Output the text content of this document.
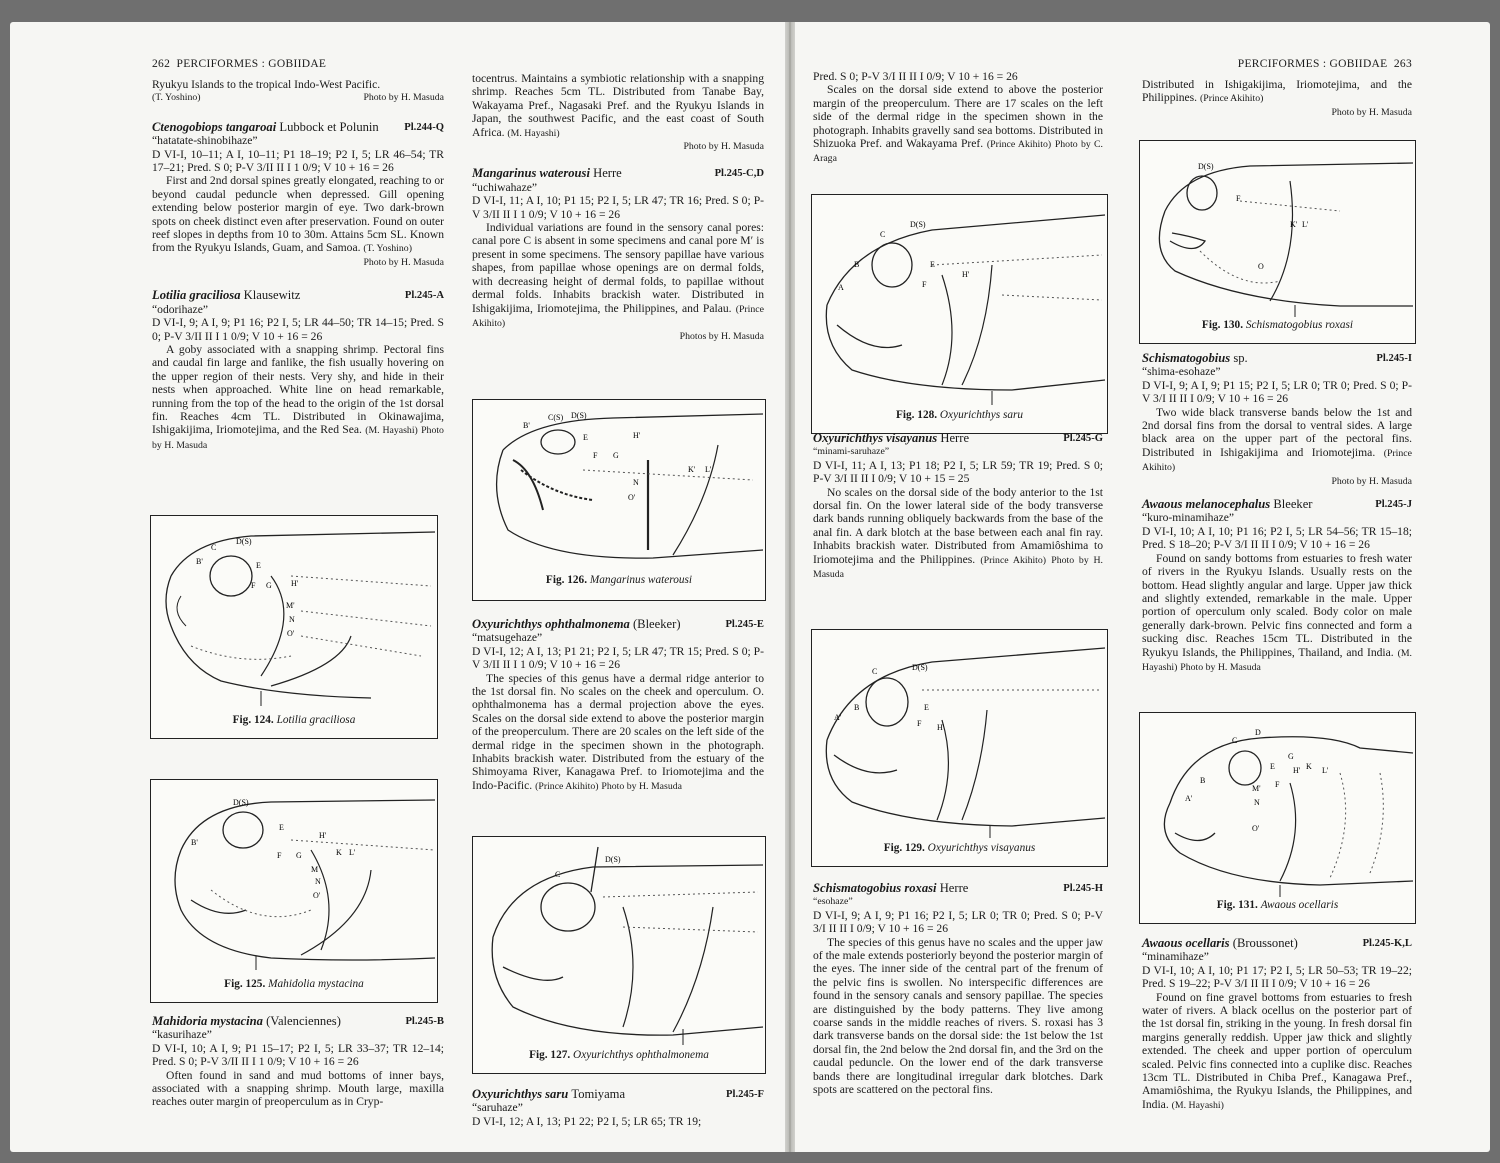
262 PERCIFORMES : GOBIIDAE

Ryukyu Islands to the tropical Indo-West Pacific.

(T. Yoshino)	Photo by H. Masuda

Ctenogobiops tangaroai Lubbock et Polunin Pl.244-Q

“hatatate-shinobihaze”

D VI-I, 10–11; A I, 10–11; P1 18–19; P2 I, 5; LR 46–54; TR 17–21; Pred. S 0; P-V 3/II II I 1 0/9; V 10 + 16 = 26

First and 2nd dorsal spines greatly elongated, reaching to or beyond caudal peduncle when depressed. Gill opening extending below posterior margin of eye. Two dark-brown spots on cheek distinct even after preservation. Found on outer reef slopes in depths from 10 to 30m. Attains 5cm SL. Known from the Ryukyu Islands, Guam, and Samoa. (T. Yoshino)

Photo by H. Masuda

Lotilia graciliosa Klausewitz	Pl.245-A

“odorihaze”

D VI-I, 9; A I, 9; P1 16; P2 I, 5; LR 44–50; TR 14–15; Pred. S 0; P-V 3/II II I 1 0/9; V 10 + 16 = 26

A goby associated with a snapping shrimp. Pectoral fins and caudal fin large and fanlike, the fish usually hovering on the upper region of their nests. Very shy, and hide in their nests when approached. White line on head remarkable, running from the top of the head to the origin of the 1st dorsal fin. Reaches 4cm TL. Distributed in Okinawajima, Ishigakijima, Iriomotejima, and the Red Sea. (M. Hayashi) Photo by H. Masuda

B'
C
D(S)
E
F G H'
M'
N
O'
Fig. 124. Lotilia graciliosa
D(S)
B'
E
F G
H'
K L'
M
N
O'
Fig. 125. Mahidolia mystacina
Mahidoria mystacina (Valenciennes)	Pl.245-B

“kasurihaze”

D VI-I, 10; A I, 9; P1 15–17; P2 I, 5; LR 33–37; TR 12–14; Pred. S 0; P-V 3/II II I 1 0/9; V 10 + 16 = 26

Often found in sand and mud bottoms of inner bays, associated with a snapping shrimp. Mouth large, maxilla reaches outer margin of preoperculum as in Cryp-

tocentrus. Maintains a symbiotic relationship with a snapping shrimp. Reaches 5cm TL. Distributed from Tanabe Bay, Wakayama Pref., Nagasaki Pref. and the Ryukyu Islands in Japan, the southwest Pacific, and the east coast of South Africa. (M. Hayashi)

Photo by H. Masuda

Mangarinus waterousi Herre	Pl.245-C,D

“uchiwahaze”

D VI-I, 11; A I, 10; P1 15; P2 I, 5; LR 47; TR 16; Pred. S 0; P-V 3/II II I 1 0/9; V 10 + 16 = 26

Individual variations are found in the sensory canal pores: canal pore C is absent in some specimens and canal pore M′ is present in some specimens. The sensory papillae have various shapes, from papillae whose openings are on dermal folds, with decreasing height of dermal folds, to papillae without dermal folds. Inhabits brackish water. Distributed in Ishigakijima, Iriomotejima, the Philippines, and Palau. (Prince Akihito)

Photos by H. Masuda

B'
C(S) D(S)
E
F G
H'
K' L'
N
O'
Fig. 126. Mangarinus waterousi
Oxyurichthys ophthalmonema (Bleeker)	Pl.245-E

“matsugehaze”

D VI-I, 12; A I, 13; P1 21; P2 I, 5; LR 47; TR 15; Pred. S 0; P-V 3/II II I 1 0/9; V 10 + 16 = 26

The species of this genus have a dermal ridge anterior to the 1st dorsal fin. No scales on the cheek and operculum. O. ophthalmonema has a dermal projection above the eyes. Scales on the dorsal side extend to above the posterior margin of the preoperculum. There are 20 scales on the left side of the dermal ridge in the specimen shown in the photograph. Inhabits brackish water. Distributed from the estuary of the Shimoyama River, Kanagawa Pref. to Iriomotejima and the Indo-Pacific. (Prince Akihito) Photo by H. Masuda

C
D(S)
Fig. 127. Oxyurichthys ophthalmonema
Oxyurichthys saru Tomiyama	Pl.245-F

“saruhaze”

D VI-I, 12; A I, 13; P1 22; P2 I, 5; LR 65; TR 19;

PERCIFORMES : GOBIIDAE 263

Pred. S 0; P-V 3/I II II I 0/9; V 10 + 16 = 26

Scales on the dorsal side extend to above the posterior margin of the preoperculum. There are 17 scales on the left side of the dermal ridge in the specimen shown in the photograph. Inhabits gravelly sand sea bottoms. Distributed in Shizuoka Pref. and Wakayama Pref. (Prince Akihito) Photo by C. Araga

C
D(S)
B	E
F
H'
A
Fig. 128. Oxyurichthys saru
Oxyurichthys visayanus Herre	Pl.245-G

“minami-saruhaze”

D VI-I, 11; A I, 13; P1 18; P2 I, 5; LR 59; TR 19; Pred. S 0; P-V 3/I II II I 0/9; V 10 + 15 = 25

No scales on the dorsal side of the body anterior to the 1st dorsal fin. On the lower lateral side of the body transverse dark bands running obliquely backwards from the base of the anal fin. A dark blotch at the base between each anal fin ray. Inhabits brackish water. Distributed from Amamiôshima to Iriomotejima and the Philippines. (Prince Akihito) Photo by H. Masuda

D(S)
C
A'
B	E
F H'
Fig. 129. Oxyurichthys visayanus
Schismatogobius roxasi Herre	Pl.245-H

“esohaze”

D VI-I, 9; A I, 9; P1 16; P2 I, 5; LR 0; TR 0; Pred. S 0; P-V 3/I II II I 0/9; V 10 + 16 = 26

The species of this genus have no scales and the upper jaw of the male extends posteriorly beyond the posterior margin of the eyes. The inner side of the central part of the frenum of the pelvic fins is swollen. No interspecific differences are found in the sensory canals and sensory papillae. The species are distinguished by the body patterns. They live among coarse sands in the middle reaches of rivers. S. roxasi has 3 dark transverse bands on the dorsal side: the 1st below the 1st dorsal fin, the 2nd below the 2nd dorsal fin, and the 3rd on the caudal peduncle. On the lower end of the dark transverse bands there are longitudinal irregular dark blotches. Dark spots are scattered on the pectoral fins.

Distributed in Ishigakijima, Iriomotejima, and the Philippines. (Prince Akihito)

Photo by H. Masuda

D(S)
F
K' L'
O
Fig. 130. Schismatogobius roxasi
Schismatogobius sp.	Pl.245-I

“shima-esohaze”

D VI-I, 9; A I, 9; P1 15; P2 I, 5; LR 0; TR 0; Pred. S 0; P-V 3/I II II I 0/9; V 10 + 16 = 26

Two wide black transverse bands below the 1st and 2nd dorsal fins from the dorsal to ventral sides. A large black area on the upper part of the pectoral fins. Distributed in Ishigakijima and Iriomotejima. (Prince Akihito)

Photo by H. Masuda

Awaous melanocephalus Bleeker	Pl.245-J

“kuro-minamihaze”

D VI-I, 10; A I, 10; P1 16; P2 I, 5; LR 54–56; TR 15–18; Pred. S 18–20; P-V 3/I II II I 0/9; V 10 + 16 = 26

Found on sandy bottoms from estuaries to fresh water of rivers in the Ryukyu Islands. Usually rests on the bottom. Head slightly angular and large. Upper jaw thick and slightly extended, remarkable in the male. Upper portion of operculum only scaled. Body color on male generally dark-brown. Pelvic fins connected and form a sucking disc. Reaches 15cm TL. Distributed in the Ryukyu Islands, the Philippines, Thailand, and India. (M. Hayashi) Photo by H. Masuda

C
D
A'
B
E
F
G
H' K L'
M'
N
O'
Fig. 131. Awaous ocellaris
Awaous ocellaris (Broussonet)	Pl.245-K,L

“minamihaze”

D VI-I, 10; A I, 10; P1 17; P2 I, 5; LR 50–53; TR 19–22; Pred. S 19–22; P-V 3/I II II I 0/9; V 10 + 16 = 26

Found on fine gravel bottoms from estuaries to fresh water of rivers. A black ocellus on the posterior part of the 1st dorsal fin, striking in the young. In fresh dorsal fin margins generally reddish. Upper jaw thick and slightly extended. The cheek and upper portion of operculum scaled. Pelvic fins connected into a cuplike disc. Reaches 13cm TL. Distributed in Chiba Pref., Kanagawa Pref., Amamiôshima, the Ryukyu Islands, the Philippines, and India. (M. Hayashi)
